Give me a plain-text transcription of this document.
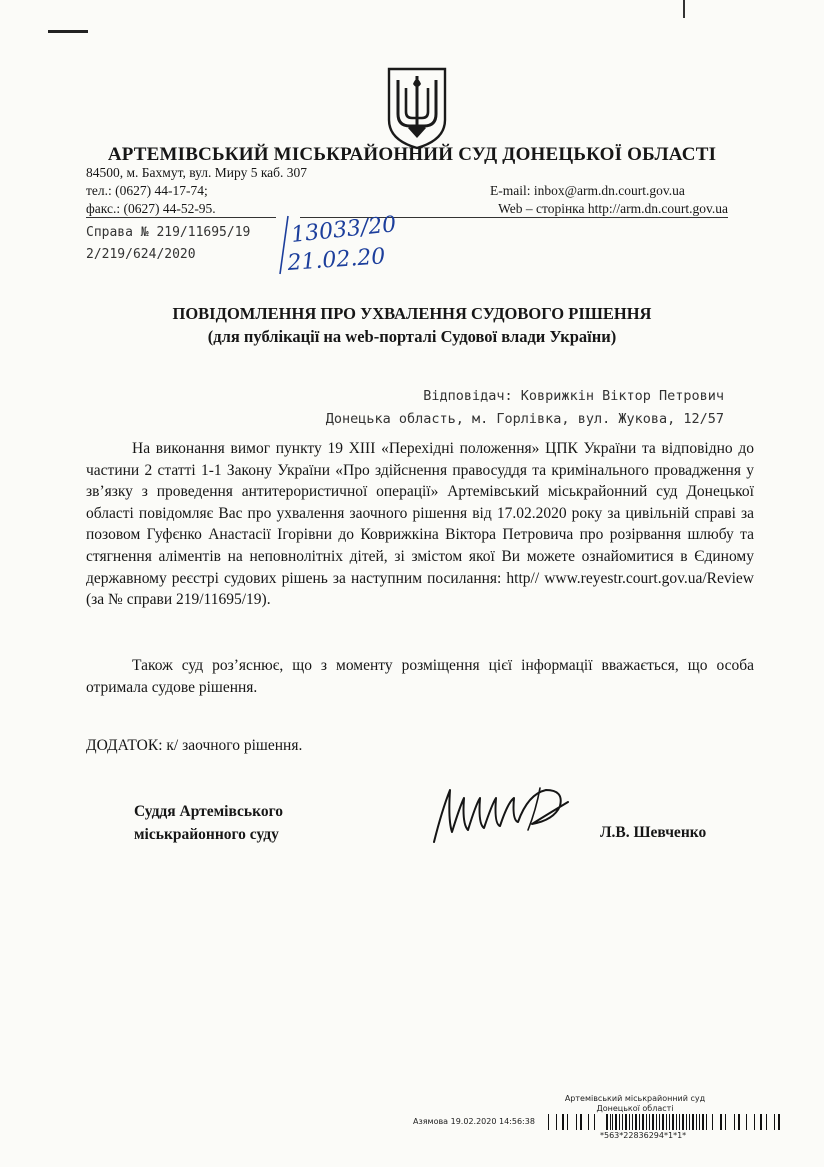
АРТЕМІВСЬКИЙ МІСЬКРАЙОННИЙ СУД ДОНЕЦЬКОЇ ОБЛАСТІ
84500, м. Бахмут, вул. Миру 5 каб. 307
тел.: (0627) 44-17-74;
факс.: (0627) 44-52-95.
E-mail: inbox@arm.dn.court.gov.ua
Web – сторінка http://arm.dn.court.gov.ua
Справа № 219/11695/19
2/219/624/2020
13033/20
21.02.20
ПОВІДОМЛЕННЯ ПРО УХВАЛЕННЯ СУДОВОГО РІШЕННЯ
(для публікації на web-порталі Судової влади України)
Відповідач: Коврижкін Віктор Петрович
Донецька область, м. Горлівка, вул. Жукова, 12/57

На виконання вимог пункту 19 XIII «Перехідні положення» ЦПК України та відповідно до частини 2 статті 1-1 Закону України «Про здійснення правосуддя та кримінального провадження у зв’язку з проведення антитерористичної операції» Артемівський міськрайонний суд Донецької області повідомляє Вас про ухвалення заочного рішення від 17.02.2020 року за цивільній справі за позовом Гуфєнко Анастасії Ігорівни до Коврижкіна Віктора Петровича про розірвання шлюбу та стягнення аліментів на неповнолітніх дітей, зі змістом якої Ви можете ознайомитися в Єдиному державному реєстрі судових рішень за наступним посилання: http// www.reyestr.court.gov.ua/Review (за № справи 219/11695/19).

Також суд роз’яснює, що з моменту розміщення цієї інформації вважається, що особа отримала судове рішення.

ДОДАТОК: к/ заочного рішення.
Суддя Артемівського
міськрайонного суду	Л.В. Шевченко
Артемівський міськрайонний суд
Донецької області
Азямова 19.02.2020 14:56:38
*563*22836294*1*1*
